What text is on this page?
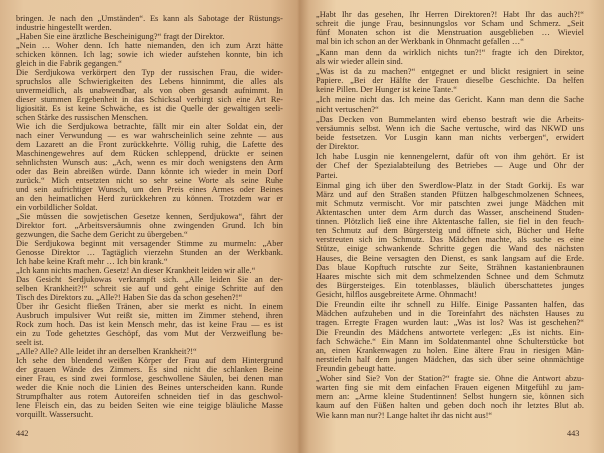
bringen. Je nach den „Umständen“. Es kann als Sabotage der Rüstungs-
industrie hingestellt werden.
„Haben Sie eine ärztliche Bescheinigung?“ fragt der Direktor.
„Nein … Woher denn. Ich hatte niemanden, den ich zum Arzt hätte
schicken können. Ich lag; sowie ich wieder aufstehen konnte, bin ich
gleich in die Fabrik gegangen.“
Die Serdjukowa verkörpert den Typ der russischen Frau, die wider-
spruchslos alle Schwierigkeiten des Lebens hinnimmt, die alles als
unvermeidlich, als unabwendbar, als von oben gesandt aufnimmt. In
dieser stummen Ergebenheit in das Schicksal verbirgt sich eine Art Re-
ligiosität. Es ist keine Schwäche, es ist die Quelle der gewaltigen seeli-
schen Stärke des russischen Menschen.
Wie ich die Serdjukowa betrachte, fällt mir ein alter Soldat ein, der
nach einer Verwundung — es war wahrscheinlich seine zehnte — aus
dem Lazarett an die Front zurückkehrte. Völlig ruhig, die Lafette des
Maschinengewehres auf dem Rücken schleppend, drückte er seinen
sehnlichsten Wunsch aus: „Ach, wenn es mir doch wenigstens den Arm
oder das Bein abreißen würde. Dann könnte ich wieder in mein Dorf
zurück.“ Mich entsetzten nicht so sehr seine Worte als seine Ruhe
und sein aufrichtiger Wunsch, um den Preis eines Armes oder Beines
an den heimatlichen Herd zurückkehren zu können. Trotzdem war er
ein vorbildlicher Soldat.
„Sie müssen die sowjetischen Gesetze kennen, Serdjukowa“, fährt der
Direktor fort. „Arbeitsversäumnis ohne zwingenden Grund. Ich bin
gezwungen, die Sache dem Gericht zu übergeben.“
Die Serdjukowa beginnt mit versagender Stimme zu murmeln: „Aber
Genosse Direktor … Tagtäglich vierzehn Stunden an der Werkbank.
Ich habe keine Kraft mehr … Ich bin krank.“
„Ich kann nichts machen. Gesetz! An dieser Krankheit leiden wir alle.“
Das Gesicht Serdjukowas verkrampft sich. „Alle leiden Sie an der-
selben Krankheit?!“ schreit sie auf und geht einige Schritte auf den
Tisch des Direktors zu. „Alle?! Haben Sie das da schon gesehen?!“
Über ihr Gesicht fließen Tränen, aber sie merkt es nicht. In einem
Ausbruch impulsiver Wut reißt sie, mitten im Zimmer stehend, ihren
Rock zum hoch. Das ist kein Mensch mehr, das ist keine Frau — es ist
ein zu Tode gehetztes Geschöpf, das vom Mut der Verzweiflung be-
seelt ist.
„Alle? Alle? Alle leidet ihr an derselben Krankheit?!“
Ich sehe den blendend weißen Körper der Frau auf dem Hintergrund
der grauen Wände des Zimmers. Es sind nicht die schlanken Beine
einer Frau, es sind zwei formlose, geschwollene Säulen, bei denen man
weder die Knie noch die Linien des Beines unterscheiden kann. Runde
Strumpfhalter aus rotem Autoreifen schneiden tief in das geschwol-
lene Fleisch ein, das zu beiden Seiten wie eine teigige bläuliche Masse
vorquillt. Wassersucht.
442
„Habt Ihr das gesehen, Ihr Herren Direktoren?! Habt Ihr das auch?!“
schreit die junge Frau, besinnungslos vor Scham und Schmerz. „Seit
fünf Monaten schon ist die Menstruation ausgeblieben … Wieviel
mal bin ich schon an der Werkbank in Ohnmacht gefallen …“
„Kann man denn da wirklich nichts tun?!“ fragte ich den Direktor,
als wir wieder allein sind.
„Was ist da zu machen?“ entgegnet er und blickt resigniert in seine
Papiere. „Bei der Hälfte der Frauen dieselbe Geschichte. Da helfen
keine Pillen. Der Hunger ist keine Tante.“
„Ich meine nicht das. Ich meine das Gericht. Kann man denn die Sache
nicht vertuschen?“
„Das Decken von Bummelanten wird ebenso bestraft wie die Arbeits-
versäumnis selbst. Wenn ich die Sache vertusche, wird das NKWD uns
beide festsetzen. Vor Lusgin kann man nichts verbergen“, erwidert
der Direktor.
Ich habe Lusgin nie kennengelernt, dafür oft von ihm gehört. Er ist
der Chef der Spezialabteilung des Betriebes — Auge und Ohr der
Partei.
Einmal ging ich über den Swerdlow-Platz in der Stadt Gorkij. Es war
März und auf den Straßen standen Pfützen halbgeschmolzenen Schnees,
mit Schmutz vermischt. Vor mir patschten zwei junge Mädchen mit
Aktentaschen unter dem Arm durch das Wasser, anscheinend Studen-
tinnen. Plötzlich ließ eine ihre Aktentasche fallen, sie fiel in den feuch-
ten Schmutz auf dem Bürgersteig und öffnete sich, Bücher und Hefte
verstreuten sich im Schmutz. Das Mädchen machte, als suche es eine
Stütze, einige schwankende Schritte gegen die Wand des nächsten
Hauses, die Beine versagten den Dienst, es sank langsam auf die Erde.
Das blaue Kopftuch rutschte zur Seite, Strähnen kastanienbraunen
Haares mischte sich mit dem schmelzenden Schnee und dem Schmutz
des Bürgersteiges. Ein totenblasses, bläulich überschattetes junges
Gesicht, hilflos ausgebreitete Arme. Ohnmacht!
Die Freundin eilte ihr schnell zu Hilfe. Einige Passanten halfen, das
Mädchen aufzuheben und in die Toreinfahrt des nächsten Hauses zu
tragen. Erregte Fragen wurden laut: „Was ist los? Was ist geschehen?“
Die Freundin des Mädchens antwortete verlegen: „Es ist nichts. Ein-
fach Schwäche.“ Ein Mann im Soldatenmantel ohne Schulterstücke bot
an, einen Krankenwagen zu holen. Eine ältere Frau in riesigen Män-
nerstiefeln half dem jungen Mädchen, das sich über seine ohnmächtige
Freundin gebeugt hatte.
„Woher sind Sie? Von der Station?“ fragte sie. Ohne die Antwort abzu-
warten fing sie mit dem einfachen Frauen eigenen Mitgefühl zu jam-
mern an: „Arme kleine Studentinnen! Selbst hungern sie, können sich
kaum auf den Füßen halten und geben doch noch ihr letztes Blut ab.
Wie kann man nur?! Lange haltet ihr das nicht aus!“
443
